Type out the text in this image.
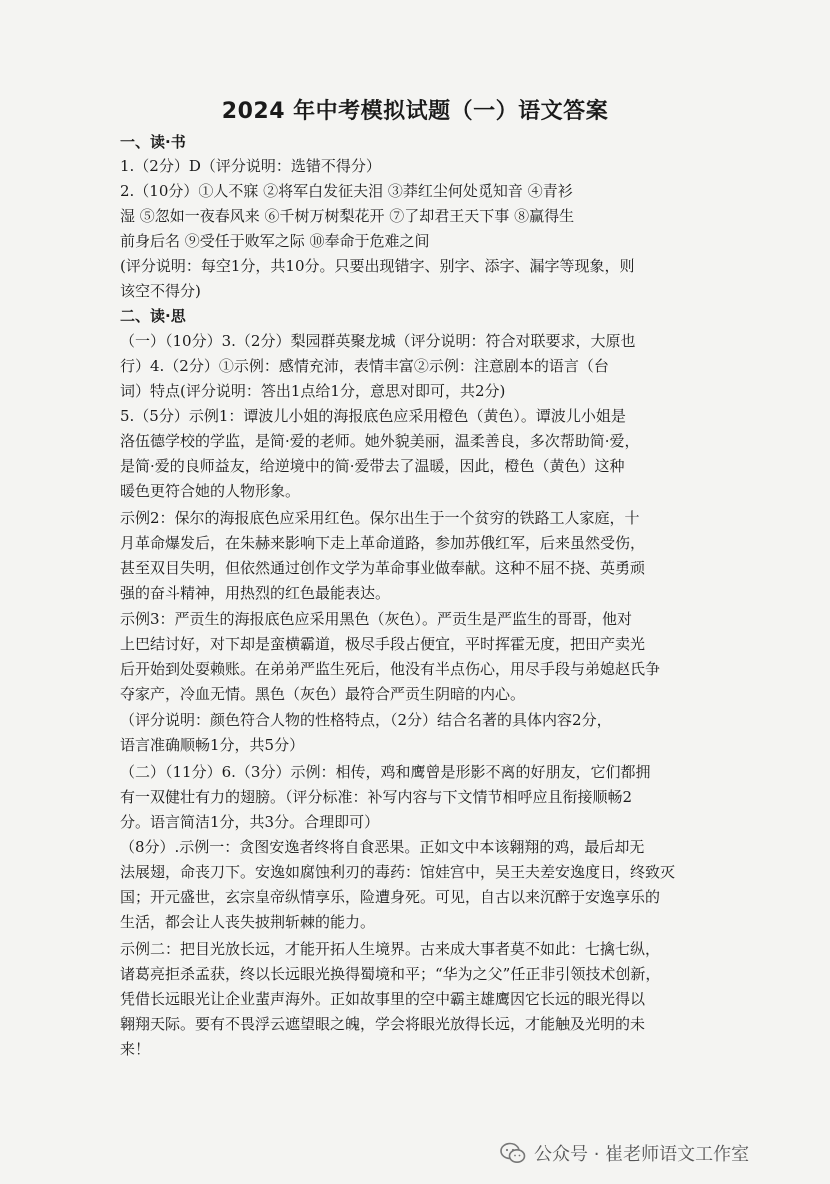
2024 年中考模拟试题（一）语文答案
一、读·书
1.（2分）D（评分说明：选错不得分）
2.（10分）①人不寐 ②将军白发征夫泪 ③莽红尘何处觅知音 ④青衫
湿 ⑤忽如一夜春风来 ⑥千树万树梨花开 ⑦了却君王天下事 ⑧赢得生
前身后名 ⑨受任于败军之际 ⑩奉命于危难之间
(评分说明：每空1分，共10分。只要出现错字、别字、添字、漏字等现象，则
该空不得分)
二、读·思
（一）（10分）3.（2分）梨园群英聚龙城（评分说明：符合对联要求，大原也
行）4.（2分）①示例：感情充沛，表情丰富②示例：注意剧本的语言（台
词）特点(评分说明：答出1点给1分，意思对即可，共2分)
5.（5分）示例1：谭波儿小姐的海报底色应采用橙色（黄色）。谭波儿小姐是
洛伍德学校的学监，是简·爱的老师。她外貌美丽，温柔善良，多次帮助简·爱，
是简·爱的良师益友，给逆境中的简·爱带去了温暖，因此，橙色（黄色）这种
暖色更符合她的人物形象。
示例2：保尔的海报底色应采用红色。保尔出生于一个贫穷的铁路工人家庭，十
月革命爆发后，在朱赫来影响下走上革命道路，参加苏俄红军，后来虽然受伤，
甚至双目失明，但依然通过创作文学为革命事业做奉献。这种不屈不挠、英勇顽
强的奋斗精神，用热烈的红色最能表达。
示例3：严贡生的海报底色应采用黑色（灰色）。严贡生是严监生的哥哥，他对
上巴结讨好，对下却是蛮横霸道，极尽手段占便宜，平时挥霍无度，把田产卖光
后开始到处耍赖账。在弟弟严监生死后，他没有半点伤心，用尽手段与弟媳赵氏争
夺家产，冷血无情。黑色（灰色）最符合严贡生阴暗的内心。
（评分说明：颜色符合人物的性格特点，（2分）结合名著的具体内容2分，
语言准确顺畅1分，共5分）
（二）（11分）6.（3分）示例：相传，鸡和鹰曾是形影不离的好朋友，它们都拥
有一双健壮有力的翅膀。（评分标准：补写内容与下文情节相呼应且衔接顺畅2
分。语言简洁1分，共3分。合理即可）
（8分）.示例一：贪图安逸者终将自食恶果。正如文中本该翱翔的鸡，最后却无
法展翅，命丧刀下。安逸如腐蚀利刃的毒药：馆娃宫中，吴王夫差安逸度日，终致灭
国；开元盛世，玄宗皇帝纵情享乐，险遭身死。可见，自古以来沉醉于安逸享乐的
生活，都会让人丧失披荆斩棘的能力。
示例二：把目光放长远，才能开拓人生境界。古来成大事者莫不如此：七擒七纵，
诸葛亮拒杀孟获，终以长远眼光换得蜀境和平；“华为之父”任正非引领技术创新，
凭借长远眼光让企业蜚声海外。正如故事里的空中霸主雄鹰因它长远的眼光得以
翱翔天际。要有不畏浮云遮望眼之魄，学会将眼光放得长远，才能触及光明的未
来！
公众号 · 崔老师语文工作室
